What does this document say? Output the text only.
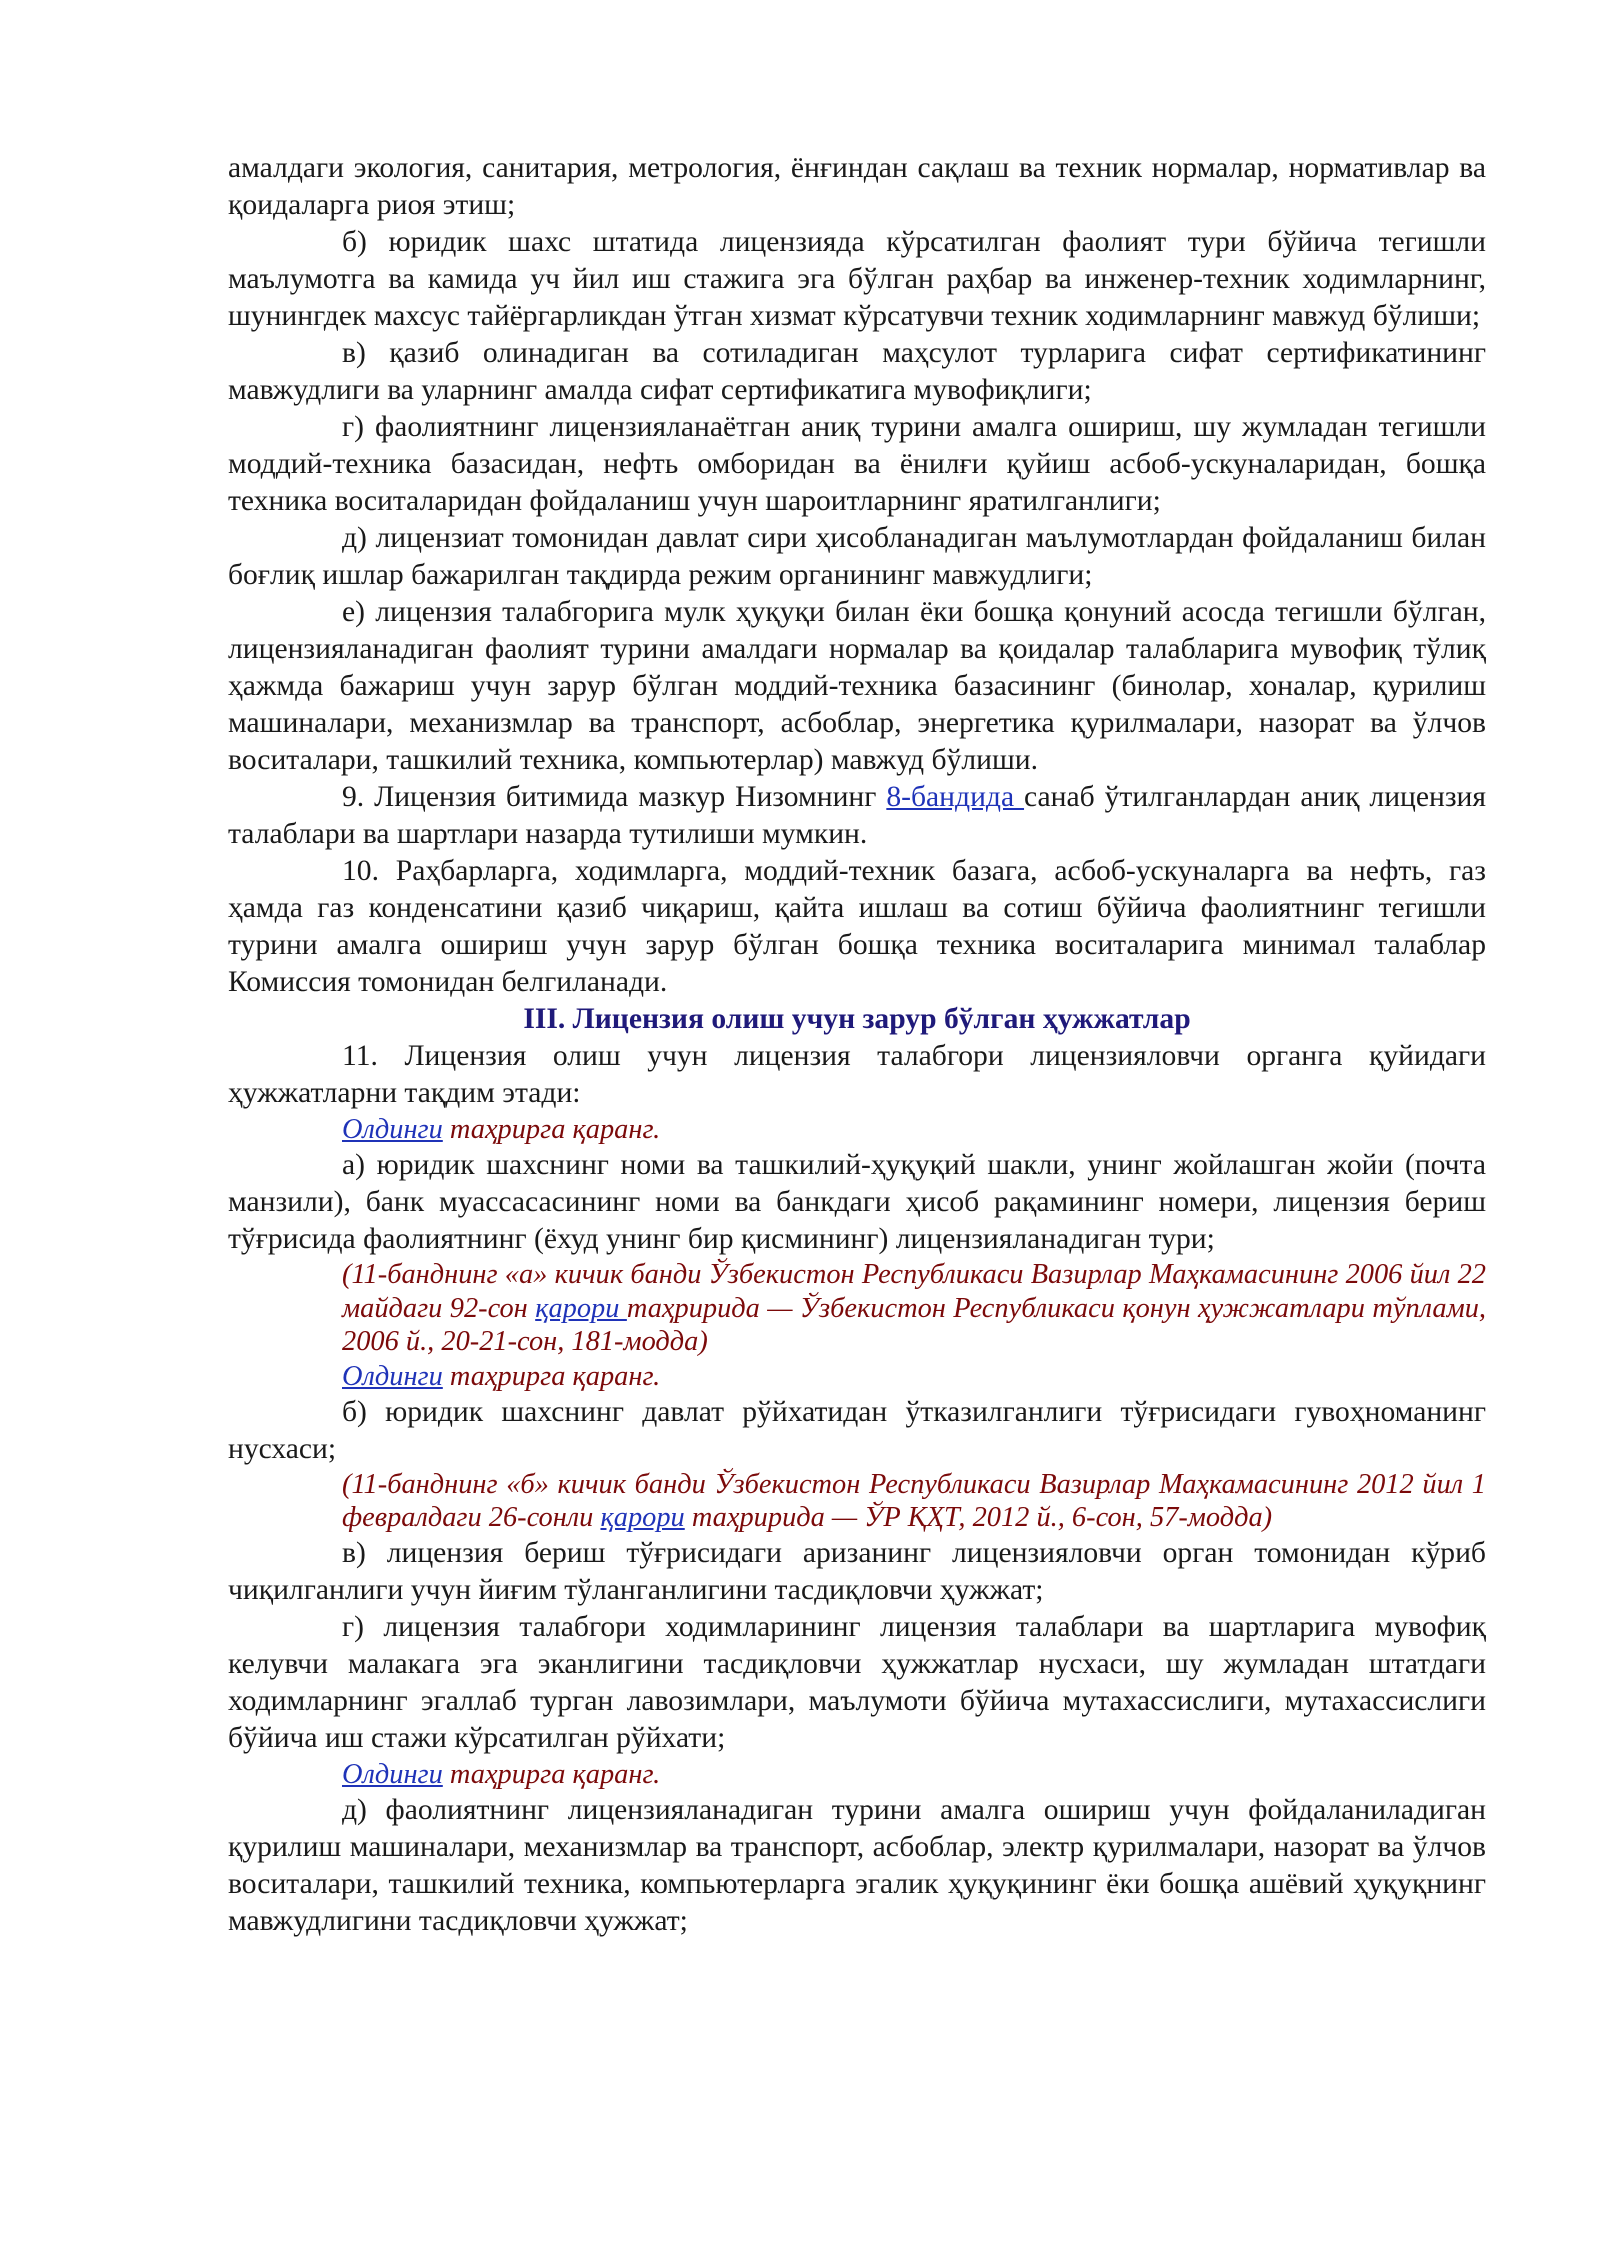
амалдаги экология, санитария, метрология, ёнғиндан сақлаш ва техник нормалар, нормативлар ва қоидаларга риоя этиш;

б) юридик шахс штатида лицензияда кўрсатилган фаолият тури бўйича тегишли маълумотга ва камида уч йил иш стажига эга бўлган раҳбар ва инженер-техник ходимларнинг, шунингдек махсус тайёргарликдан ўтган хизмат кўрсатувчи техник ходимларнинг мавжуд бўлиши;

в) қазиб олинадиган ва сотиладиган маҳсулот турларига сифат сертификатининг мавжудлиги ва уларнинг амалда сифат сертификатига мувофиқлиги;

г) фаолиятнинг лицензияланаётган аниқ турини амалга ошириш, шу жумладан тегишли моддий-техника базасидан, нефть омборидан ва ёнилғи қуйиш асбоб-ускуналаридан, бошқа техника воситаларидан фойдаланиш учун шароитларнинг яратилганлиги;

д) лицензиат томонидан давлат сири ҳисобланадиган маълумотлардан фойдаланиш билан боғлиқ ишлар бажарилган тақдирда режим органининг мавжудлиги;

е) лицензия талабгорига мулк ҳуқуқи билан ёки бошқа қонуний асосда тегишли бўлган, лицензияланадиган фаолият турини амалдаги нормалар ва қоидалар талабларига мувофиқ тўлиқ ҳажмда бажариш учун зарур бўлган моддий-техника базасининг (бинолар, хоналар, қурилиш машиналари, механизмлар ва транспорт, асбоблар, энергетика қурилмалари, назорат ва ўлчов воситалари, ташкилий техника, компьютерлар) мавжуд бўлиши.

9. Лицензия битимида мазкур Низомнинг 8-бандида санаб ўтилганлардан аниқ лицензия талаблари ва шартлари назарда тутилиши мумкин.

10. Раҳбарларга, ходимларга, моддий-техник базага, асбоб-ускуналарга ва нефть, газ ҳамда газ конденсатини қазиб чиқариш, қайта ишлаш ва сотиш бўйича фаолиятнинг тегишли турини амалга ошириш учун зарур бўлган бошқа техника воситаларига минимал талаблар Комиссия томонидан белгиланади.

III. Лицензия олиш учун зарур бўлган ҳужжатлар

11. Лицензия олиш учун лицензия талабгори лицензияловчи органга қуйидаги ҳужжатларни тақдим этади:

Олдинги таҳрирга қаранг.

а) юридик шахснинг номи ва ташкилий-ҳуқуқий шакли, унинг жойлашган жойи (почта манзили), банк муассасасининг номи ва банкдаги ҳисоб рақамининг номери, лицензия бериш тўғрисида фаолиятнинг (ёхуд унинг бир қисмининг) лицензияланадиган тури;

(11-банднинг «а» кичик банди Ўзбекистон Республикаси Вазирлар Маҳкамасининг 2006 йил 22 майдаги 92-сон қарори таҳририда — Ўзбекистон Республикаси қонун ҳужжатлари тўплами, 2006 й., 20-21-сон, 181-модда)

Олдинги таҳрирга қаранг.

б) юридик шахснинг давлат рўйхатидан ўтказилганлиги тўғрисидаги гувоҳноманинг нусхаси;

(11-банднинг «б» кичик банди Ўзбекистон Республикаси Вазирлар Маҳкамасининг 2012 йил 1 февралдаги 26-сонли қарори таҳририда — ЎР ҚҲТ, 2012 й., 6-сон, 57-модда)

в) лицензия бериш тўғрисидаги аризанинг лицензияловчи орган томонидан кўриб чиқилганлиги учун йиғим тўланганлигини тасдиқловчи ҳужжат;

г) лицензия талабгори ходимларининг лицензия талаблари ва шартларига мувофиқ келувчи малакага эга эканлигини тасдиқловчи ҳужжатлар нусхаси, шу жумладан штатдаги ходимларнинг эгаллаб турган лавозимлари, маълумоти бўйича мутахассислиги, мутахассислиги бўйича иш стажи кўрсатилган рўйхати;

Олдинги таҳрирга қаранг.

д) фаолиятнинг лицензияланадиган турини амалга ошириш учун фойдаланиладиган қурилиш машиналари, механизмлар ва транспорт, асбоблар, электр қурилмалари, назорат ва ўлчов воситалари, ташкилий техника, компьютерларга эгалик ҳуқуқининг ёки бошқа ашёвий ҳуқуқнинг мавжудлигини тасдиқловчи ҳужжат;
